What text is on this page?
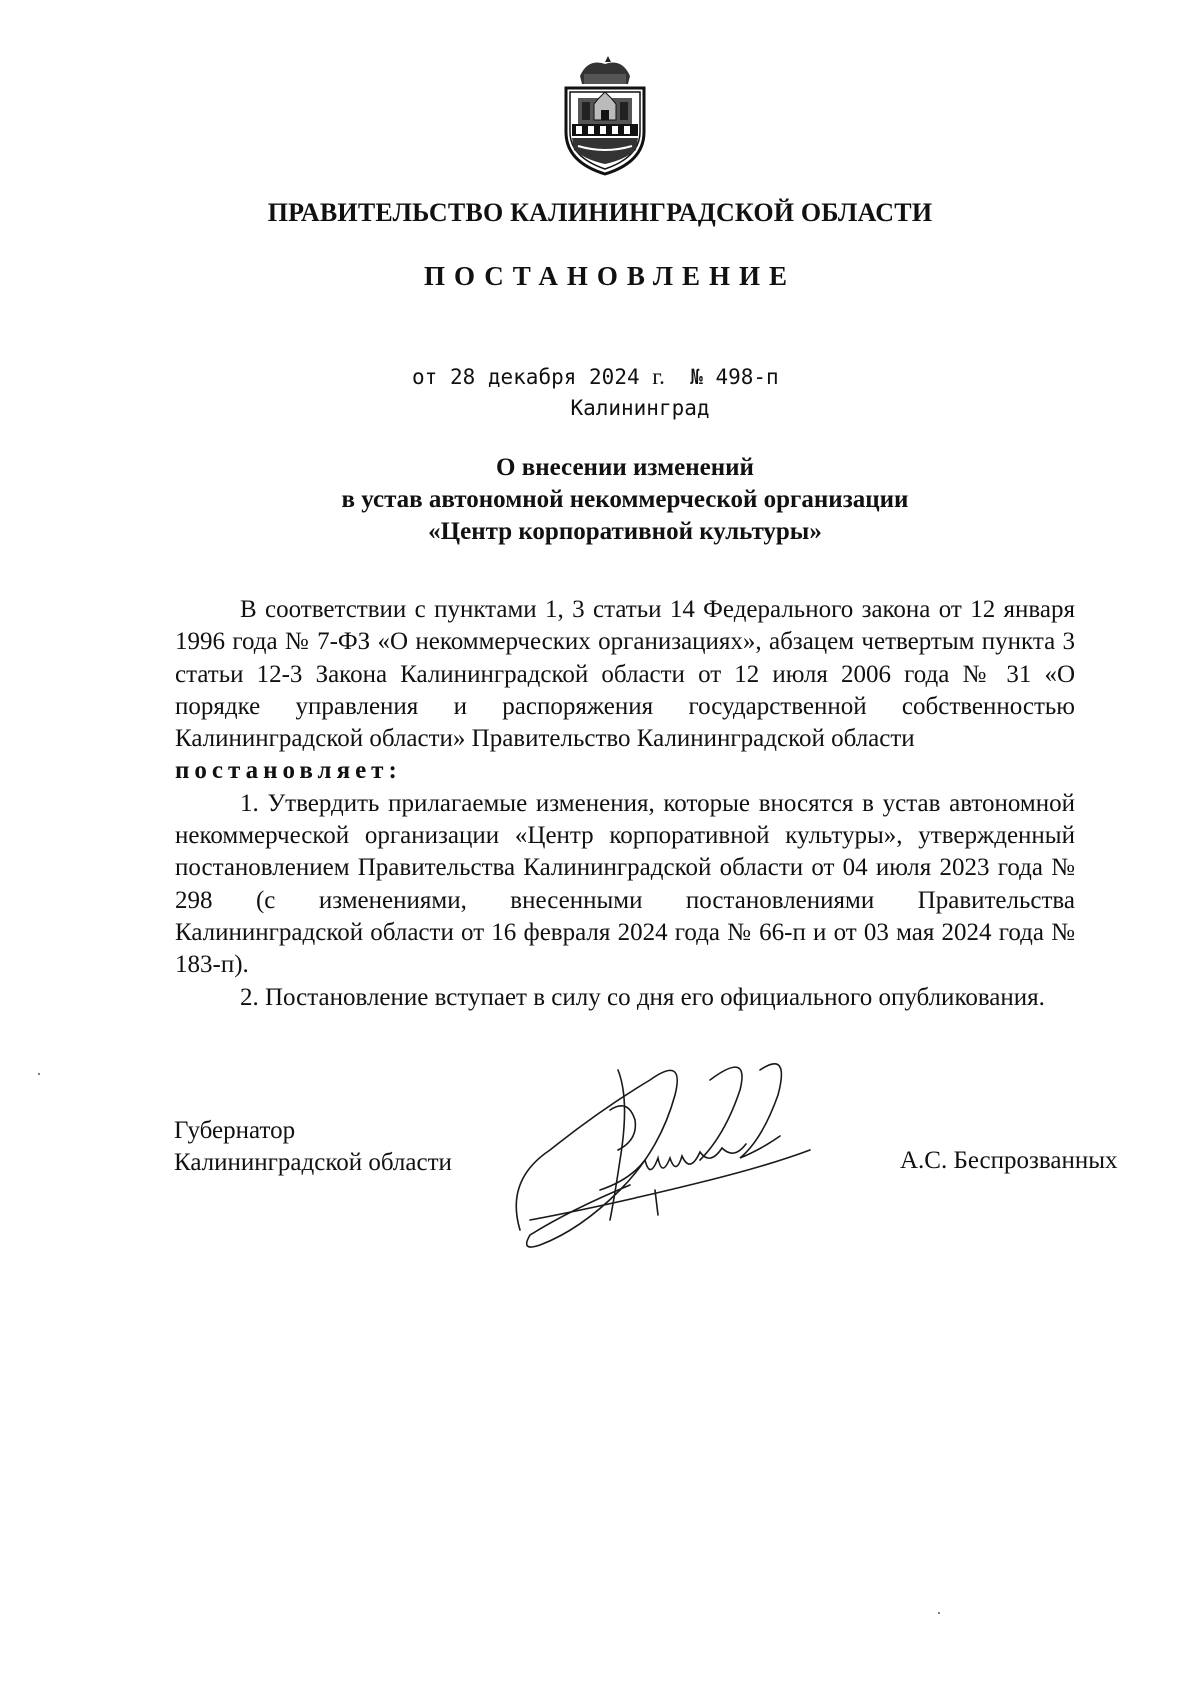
ПРАВИТЕЛЬСТВО КАЛИНИНГРАДСКОЙ ОБЛАСТИ
ПОСТАНОВЛЕНИЕ
от 28 декабря 2024 г. № 498-п
Калининград
О внесении изменений
в устав автономной некоммерческой организации
«Центр корпоративной культуры»

В соответствии с пунктами 1, 3 статьи 14 Федерального закона от 12 января 1996 года № 7-ФЗ «О некоммерческих организациях», абзацем четвертым пункта 3 статьи 12-3 Закона Калининградской области от 12 июля 2006 года № 31 «О порядке управления и распоряжения государственной собственностью Калининградской области» Правительство Калининградской области

постановляет:

1. Утвердить прилагаемые изменения, которые вносятся в устав автономной некоммерческой организации «Центр корпоративной культуры», утвержденный постановлением Правительства Калининградской области от 04 июля 2023 года № 298 (с изменениями, внесенными постановлениями Правительства Калининградской области от 16 февраля 2024 года № 66-п и от 03 мая 2024 года № 183-п).

2. Постановление вступает в силу со дня его официального опубликования.

Губернатор
Калининградской области	А.С. Беспрозванных
